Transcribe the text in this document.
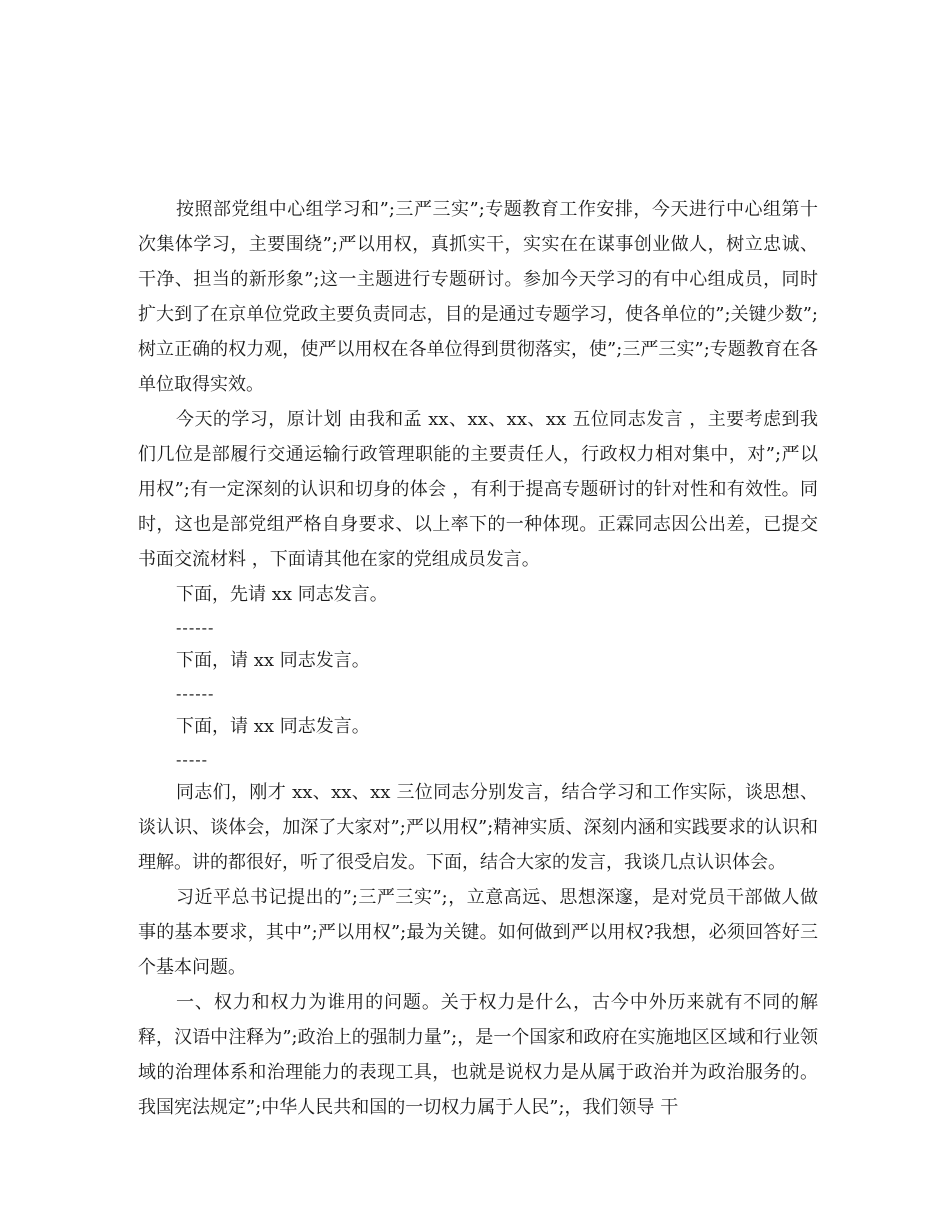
按照部党组中心组学习和”;三严三实”;专题教育工作安排，今天进行中心组第十次集体学习，主要围绕”;严以用权，真抓实干，实实在在谋事创业做人，树立忠诚、干净、担当的新形象”;这一主题进行专题研讨。参加今天学习的有中心组成员，同时扩大到了在京单位党政主要负责同志，目的是通过专题学习，使各单位的”;关键少数”;树立正确的权力观，使严以用权在各单位得到贯彻落实，使”;三严三实”;专题教育在各单位取得实效。

今天的学习，原计划 由我和孟 xx、xx、xx、xx 五位同志发言 ，主要考虑到我们几位是部履行交通运输行政管理职能的主要责任人，行政权力相对集中，对”;严以用权”;有一定深刻的认识和切身的体会 ，有利于提高专题研讨的针对性和有效性。同时，这也是部党组严格自身要求、以上率下的一种体现。正霖同志因公出差，已提交书面交流材料 ，下面请其他在家的党组成员发言。

下面，先请 xx 同志发言。

------

下面，请 xx 同志发言。

------

下面，请 xx 同志发言。

-----

同志们，刚才 xx、xx、xx 三位同志分别发言，结合学习和工作实际，谈思想、谈认识、谈体会，加深了大家对”;严以用权”;精神实质、深刻内涵和实践要求的认识和理解。讲的都很好，听了很受启发。下面，结合大家的发言，我谈几点认识体会。

习近平总书记提出的”;三严三实”;，立意高远、思想深邃，是对党员干部做人做事的基本要求，其中”;严以用权”;最为关键。如何做到严以用权?我想，必须回答好三个基本问题。

一、权力和权力为谁用的问题。关于权力是什么，古今中外历来就有不同的解释，汉语中注释为”;政治上的强制力量”;，是一个国家和政府在实施地区区域和行业领域的治理体系和治理能力的表现工具，也就是说权力是从属于政治并为政治服务的。我国宪法规定”;中华人民共和国的一切权力属于人民”;，我们领导 干
